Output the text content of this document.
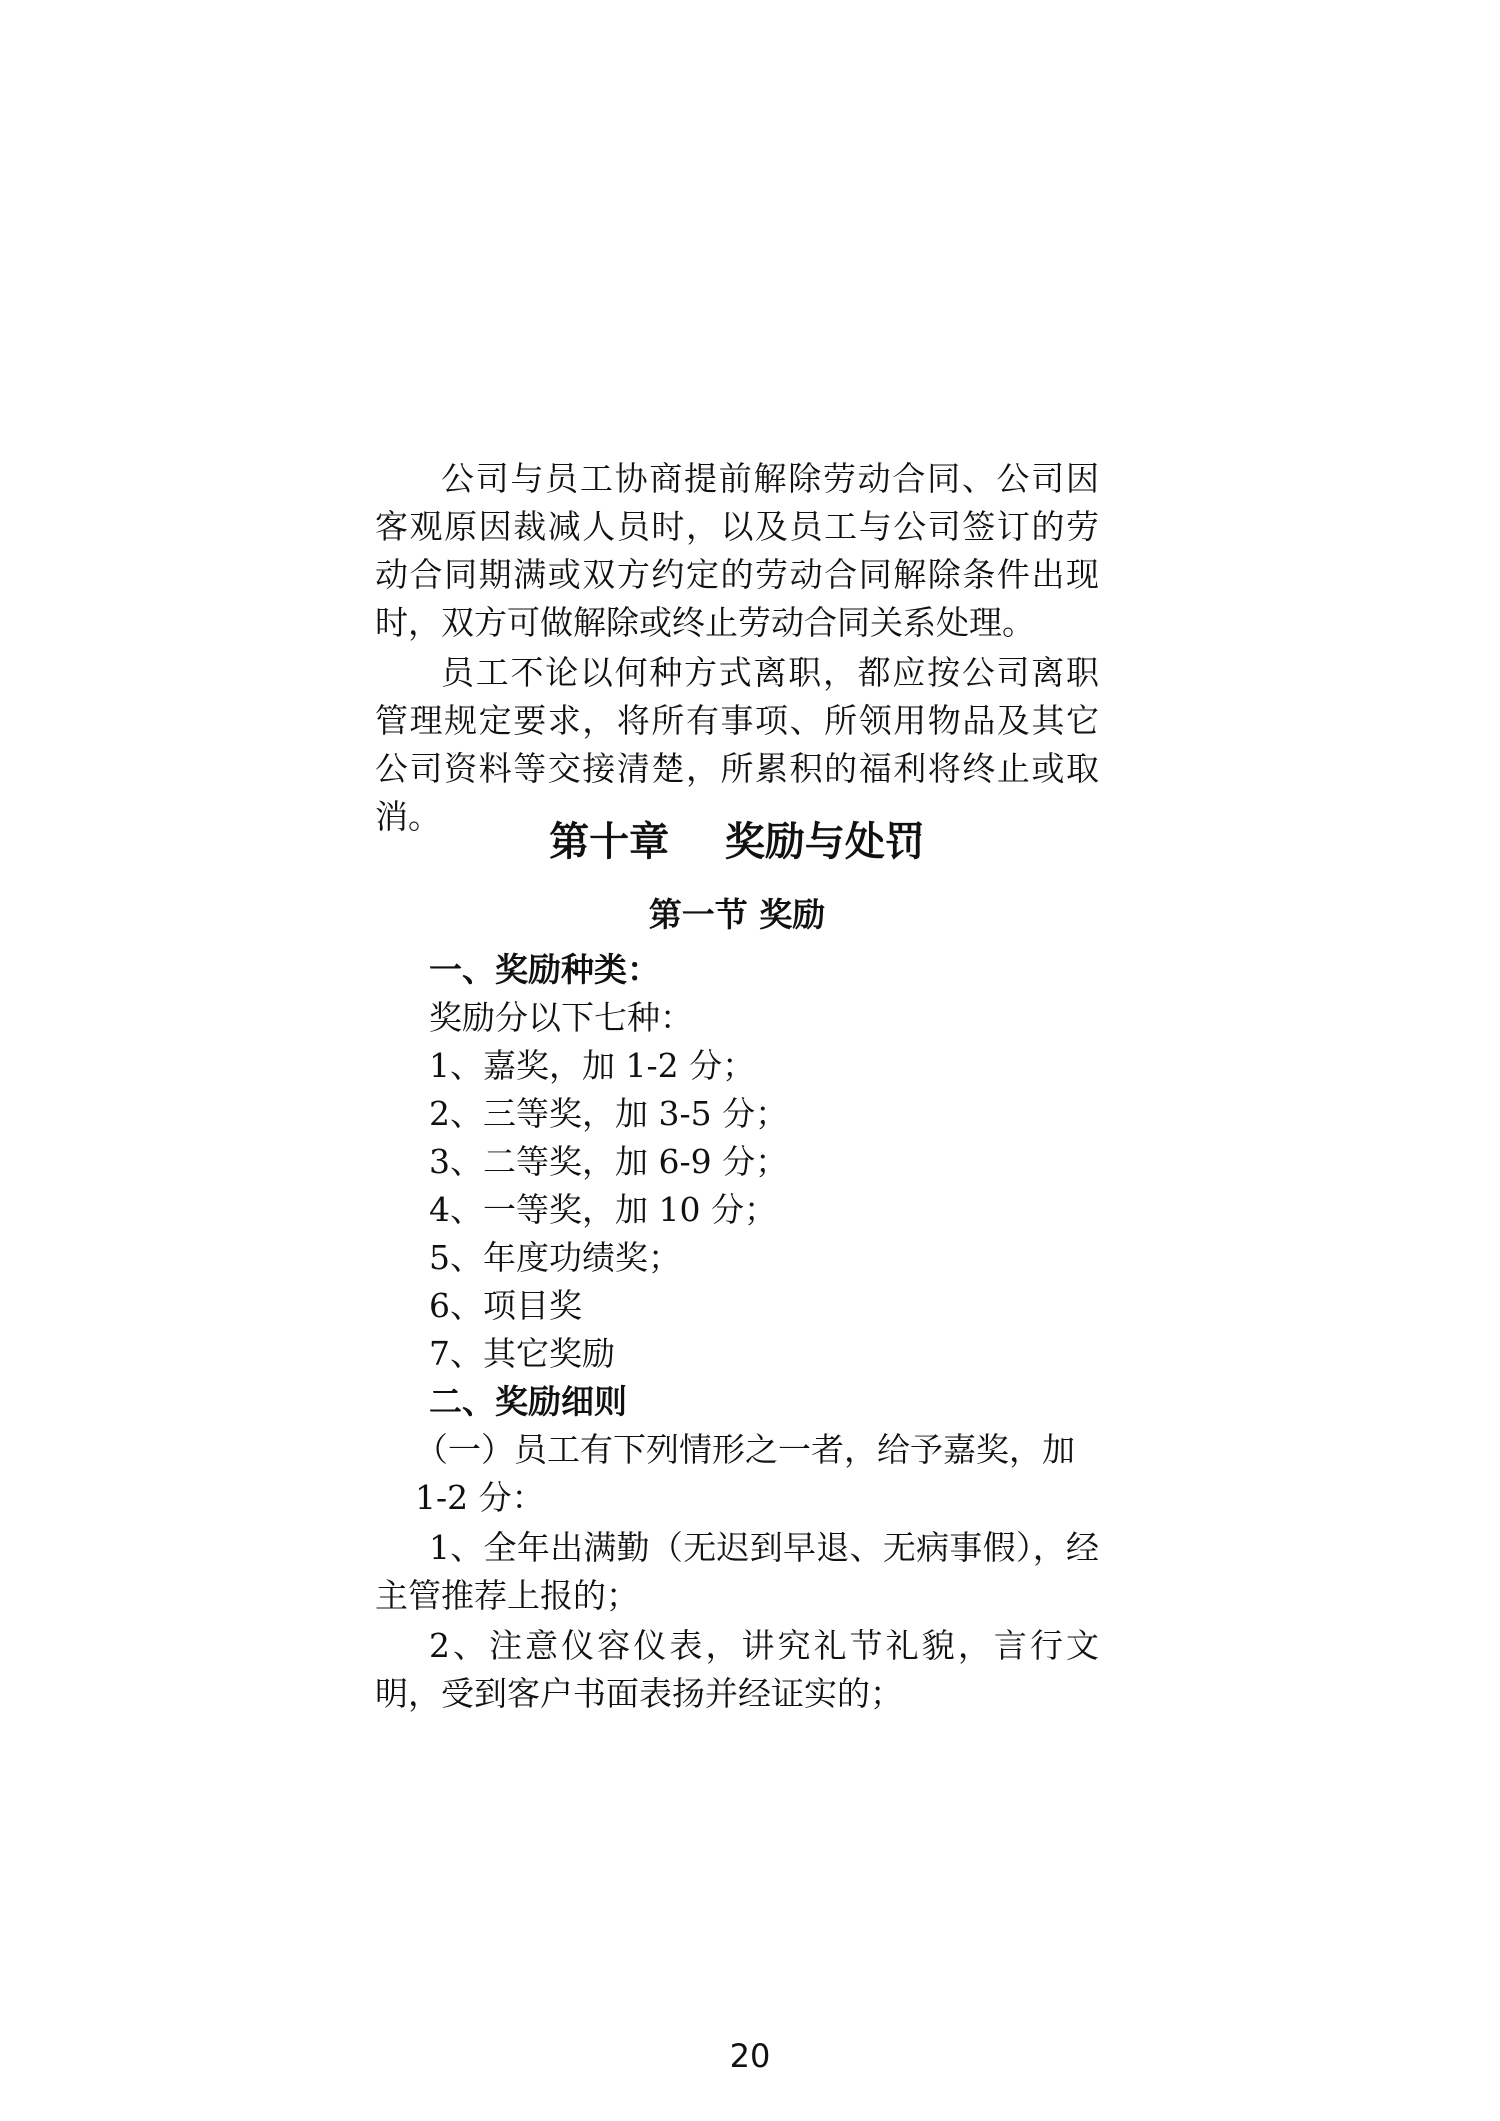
公司与员工协商提前解除劳动合同、公司因客观原因裁减人员时，以及员工与公司签订的劳动合同期满或双方约定的劳动合同解除条件出现时，双方可做解除或终止劳动合同关系处理。

员工不论以何种方式离职，都应按公司离职管理规定要求，将所有事项、所领用物品及其它公司资料等交接清楚，所累积的福利将终止或取消。

第十章    奖励与处罚
第一节 奖励

一、奖励种类：

奖励分以下七种：

1、嘉奖，加 1-2 分；

2、三等奖，加 3-5 分；

3、二等奖，加 6-9 分；

4、一等奖，加 10 分；

5、年度功绩奖；

6、项目奖

7、其它奖励

二、奖励细则

（一）员工有下列情形之一者，给予嘉奖，加 1-2 分：

1、全年出满勤（无迟到早退、无病事假），经主管推荐上报的；

2、注意仪容仪表，讲究礼节礼貌，言行文明，受到客户书面表扬并经证实的；

20
